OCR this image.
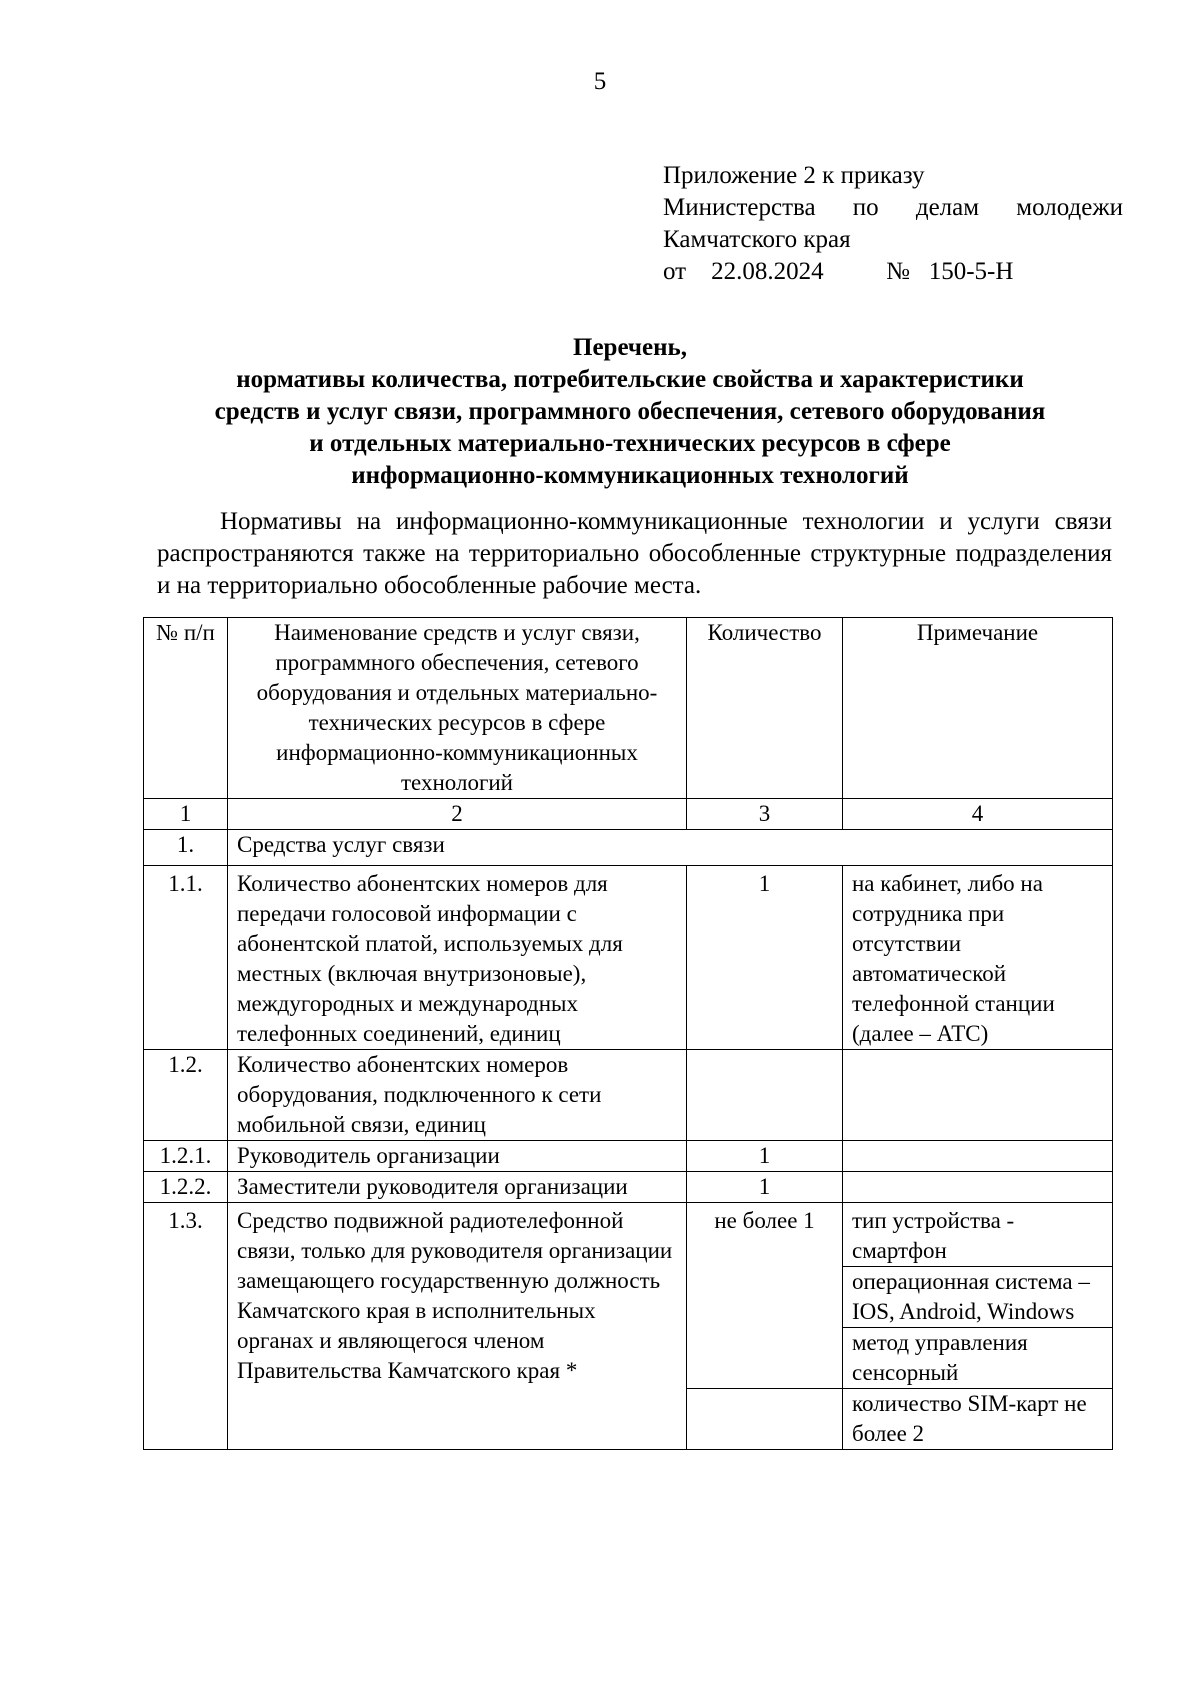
5
Приложение 2 к приказу
Министерства по делам молодежи
Камчатского края
от 22.08.2024	№ 150-5-Н
Перечень,
нормативы количества, потребительские свойства и характеристики
средств и услуг связи, программного обеспечения, сетевого оборудования
и отдельных материально-технических ресурсов в сфере
информационно-коммуникационных технологий
Нормативы на информационно-коммуникационные технологии и услуги связи распространяются также на территориально обособленные структурные подразделения и на территориально обособленные рабочие места.
№ п/п	Наименование средств и услуг связи, программного обеспечения, сетевого оборудования и отдельных материально-технических ресурсов в сфере информационно-коммуникационных технологий	Количество	Примечание
1	2	3	4
1.	Средства услуг связи		
1.1.	Количество абонентских номеров для передачи голосовой информации с абонентской платой, используемых для местных (включая внутризоновые), междугородных и международных телефонных соединений, единиц	1	на кабинет, либо на сотрудника при отсутствии автоматической телефонной станции (далее – АТС)
1.2.	Количество абонентских номеров оборудования, подключенного к сети мобильной связи, единиц		
1.2.1.	Руководитель организации	1	
1.2.2.	Заместители руководителя организации	1	
1.3.	Средство подвижной радиотелефонной связи, только для руководителя организации замещающего государственную должность Камчатского края в исполнительных органах и являющегося членом Правительства Камчатского края *	не более 1	тип устройства - смартфон
			операционная система – IOS, Android, Windows
			метод управления сенсорный
			количество SIM-карт не более 2
